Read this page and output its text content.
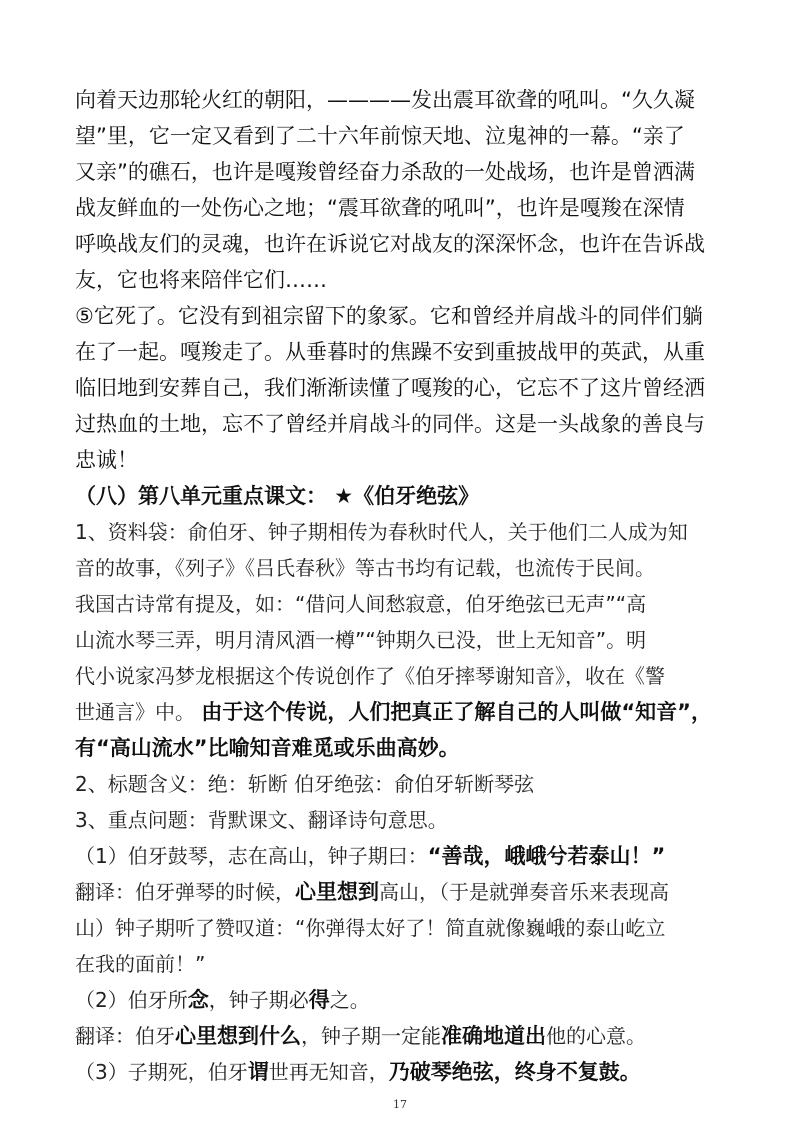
向着天边那轮火红的朝阳，————发出震耳欲聋的吼叫。“久久凝
望”里，它一定又看到了二十六年前惊天地、泣鬼神的一幕。“亲了
又亲”的礁石，也许是嘎羧曾经奋力杀敌的一处战场，也许是曾洒满
战友鲜血的一处伤心之地；“震耳欲聋的吼叫”，也许是嘎羧在深情
呼唤战友们的灵魂，也许在诉说它对战友的深深怀念，也许在告诉战
友，它也将来陪伴它们……
⑤它死了。它没有到祖宗留下的象冢。它和曾经并肩战斗的同伴们躺
在了一起。嘎羧走了。从垂暮时的焦躁不安到重披战甲的英武，从重
临旧地到安葬自己，我们渐渐读懂了嘎羧的心，它忘不了这片曾经洒
过热血的土地，忘不了曾经并肩战斗的同伴。这是一头战象的善良与
忠诚！
（八）第八单元重点课文： ★《伯牙绝弦》
1、资料袋：俞伯牙、钟子期相传为春秋时代人，关于他们二人成为知
音的故事，《列子》《吕氏春秋》等古书均有记载，也流传于民间。
我国古诗常有提及，如：“借问人间愁寂意，伯牙绝弦已无声”“高
山流水琴三弄，明月清风酒一樽”“钟期久已没，世上无知音”。明
代小说家冯梦龙根据这个传说创作了《伯牙摔琴谢知音》，收在《警
世通言》中。 由于这个传说，人们把真正了解自己的人叫做“知音”，
有“高山流水”比喻知音难觅或乐曲高妙。
2、标题含义：绝：斩断 伯牙绝弦：俞伯牙斩断琴弦
3、重点问题：背默课文、翻译诗句意思。
（1）伯牙鼓琴，志在高山，钟子期曰：“善哉，峨峨兮若泰山！”
翻译：伯牙弹琴的时候，心里想到高山，（于是就弹奏音乐来表现高
山）钟子期听了赞叹道：“你弹得太好了！简直就像巍峨的泰山屹立
在我的面前！”
（2）伯牙所念，钟子期必得之。
翻译：伯牙心里想到什么，钟子期一定能准确地道出他的心意。
（3）子期死，伯牙谓世再无知音，乃破琴绝弦，终身不复鼓。
17
